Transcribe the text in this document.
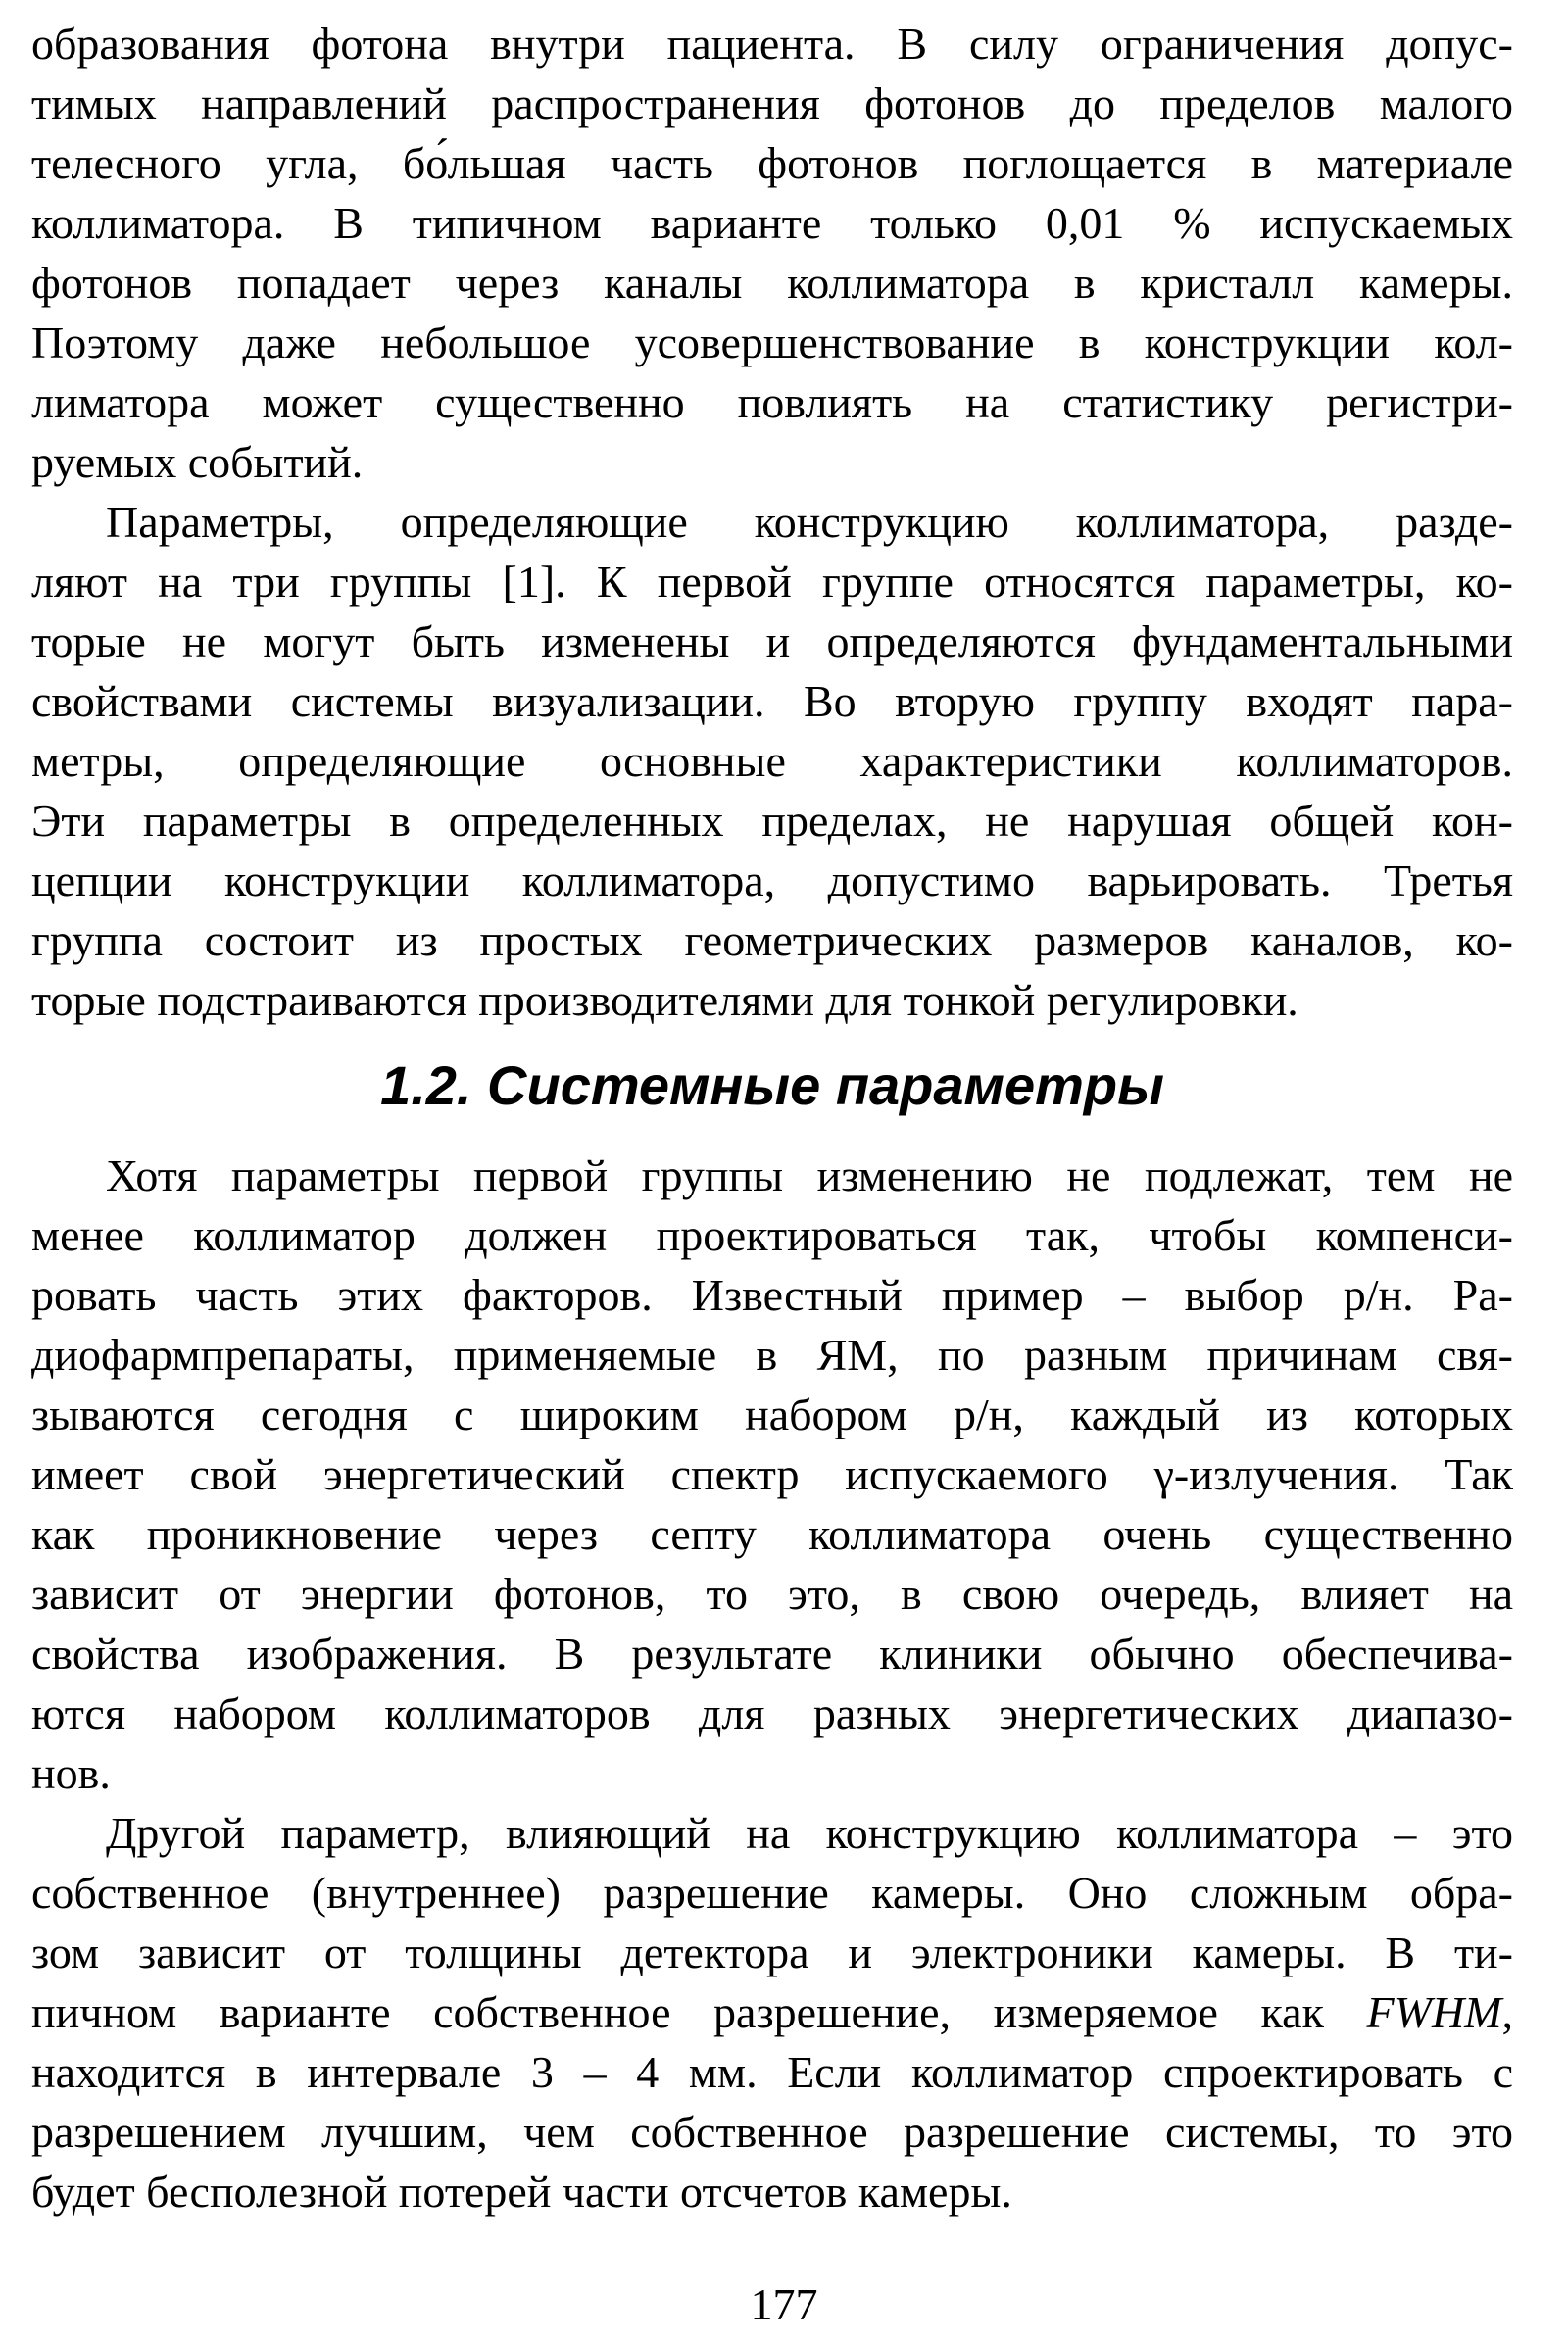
образования фотона внутри пациента. В силу ограничения допус-
тимых направлений распространения фотонов до пределов малого
телесного угла, бо́льшая часть фотонов поглощается в материале
коллиматора. В типичном варианте только 0,01 % испускаемых
фотонов попадает через каналы коллиматора в кристалл камеры.
Поэтому даже небольшое усовершенствование в конструкции кол-
лиматора может существенно повлиять на статистику регистри-
руемых событий.
Параметры, определяющие конструкцию коллиматора, разде-
ляют на три группы [1]. К первой группе относятся параметры, ко-
торые не могут быть изменены и определяются фундаментальными
свойствами системы визуализации. Во вторую группу входят пара-
метры, определяющие основные характеристики коллиматоров.
Эти параметры в определенных пределах, не нарушая общей кон-
цепции конструкции коллиматора, допустимо варьировать. Третья
группа состоит из простых геометрических размеров каналов, ко-
торые подстраиваются производителями для тонкой регулировки.
1.2. Системные параметры
Хотя параметры первой группы изменению не подлежат, тем не
менее коллиматор должен проектироваться так, чтобы компенси-
ровать часть этих факторов. Известный пример – выбор р/н. Ра-
диофармпрепараты, применяемые в ЯМ, по разным причинам свя-
зываются сегодня с широким набором р/н, каждый из которых
имеет свой энергетический спектр испускаемого γ-излучения. Так
как проникновение через септу коллиматора очень существенно
зависит от энергии фотонов, то это, в свою очередь, влияет на
свойства изображения. В результате клиники обычно обеспечива-
ются набором коллиматоров для разных энергетических диапазо-
нов.
Другой параметр, влияющий на конструкцию коллиматора – это
собственное (внутреннее) разрешение камеры. Оно сложным обра-
зом зависит от толщины детектора и электроники камеры. В ти-
пичном варианте собственное разрешение, измеряемое как FWHM,
находится в интервале 3 – 4 мм. Если коллиматор спроектировать с
разрешением лучшим, чем собственное разрешение системы, то это
будет бесполезной потерей части отсчетов камеры.
177
